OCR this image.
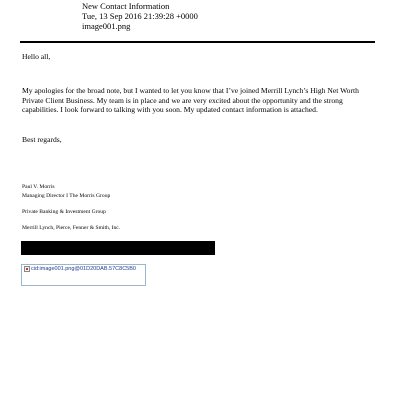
New Contact Information
Tue, 13 Sep 2016 21:39:28 +0000
image001.png
Hello all,
My apologies for the broad note, but I wanted to let you know that I’ve joined Merrill Lynch’s High Net Worth Private Client Business. My team is in place and we are very excited about the opportunity and the strong capabilities. I look forward to talking with you soon. My updated contact information is attached.
Best regards,
Paul V. Morris
Managing Director I The Morris Group
Private Banking & Investment Group
Merrill Lynch, Pierce, Fenner & Smith, Inc.
cid:image001.png@01D20DAB.57C8C5B0
